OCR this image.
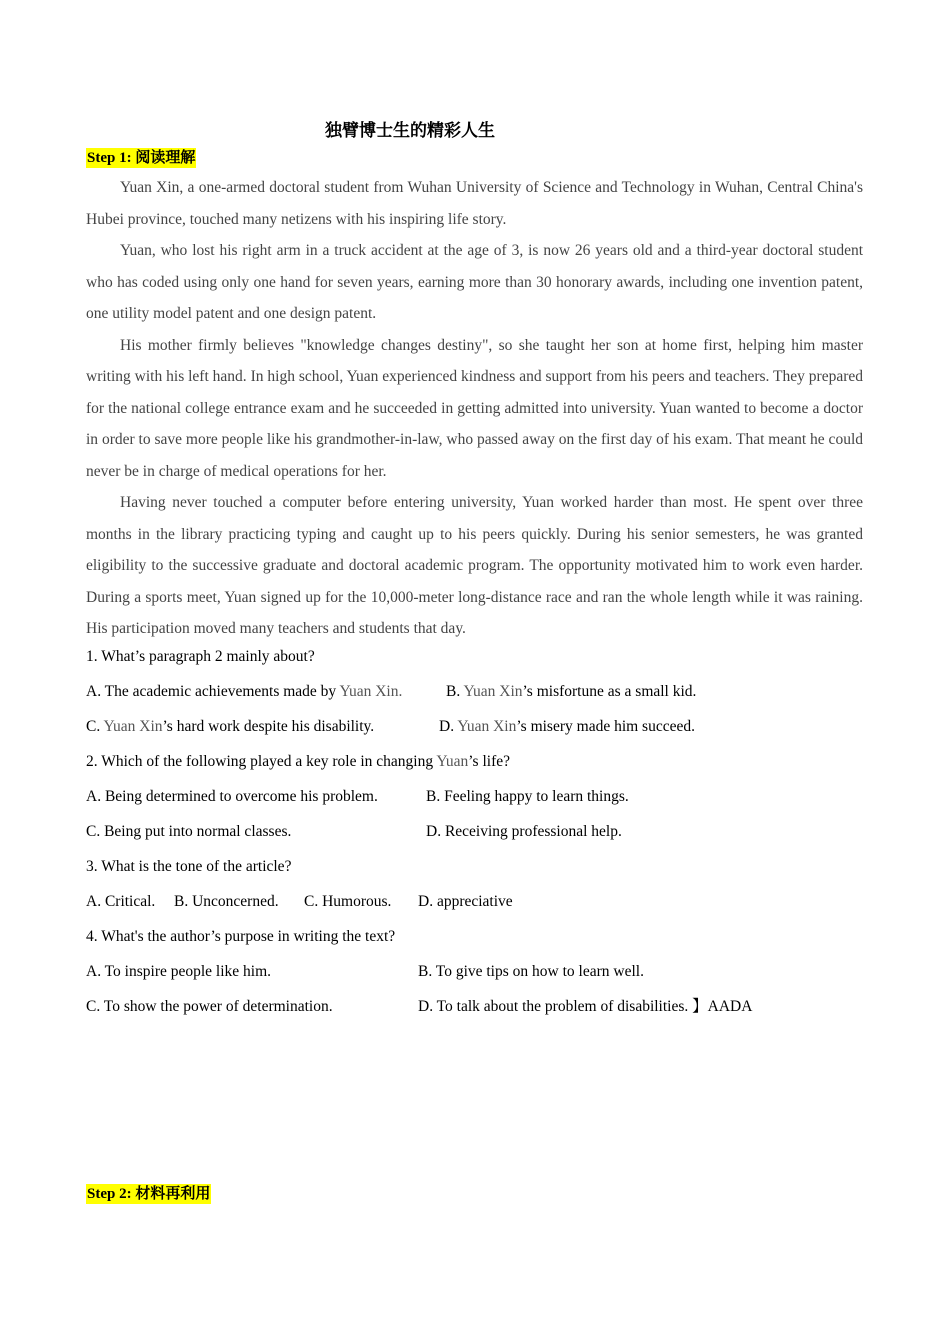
独臂博士生的精彩人生
Step 1: 阅读理解

Yuan Xin, a one-armed doctoral student from Wuhan University of Science and Technology in Wuhan, Central China's Hubei province, touched many netizens with his inspiring life story.

Yuan, who lost his right arm in a truck accident at the age of 3, is now 26 years old and a third-year doctoral student who has coded using only one hand for seven years, earning more than 30 honorary awards, including one invention patent, one utility model patent and one design patent.

His mother firmly believes "knowledge changes destiny", so she taught her son at home first, helping him master writing with his left hand. In high school, Yuan experienced kindness and support from his peers and teachers. They prepared for the national college entrance exam and he succeeded in getting admitted into university. Yuan wanted to become a doctor in order to save more people like his grandmother-in-law, who passed away on the first day of his exam. That meant he could never be in charge of medical operations for her.

Having never touched a computer before entering university, Yuan worked harder than most. He spent over three months in the library practicing typing and caught up to his peers quickly. During his senior semesters, he was granted eligibility to the successive graduate and doctoral academic program. The opportunity motivated him to work even harder. During a sports meet, Yuan signed up for the 10,000-meter long-distance race and ran the whole length while it was raining. His participation moved many teachers and students that day.

1. What’s paragraph 2 mainly about?
A. The academic achievements made by Yuan Xin.	B. Yuan Xin’s misfortune as a small kid.
C. Yuan Xin’s hard work despite his disability.	D. Yuan Xin’s misery made him succeed.
2. Which of the following played a key role in changing Yuan’s life?
A. Being determined to overcome his problem.	B. Feeling happy to learn things.
C. Being put into normal classes.	D. Receiving professional help.
3. What is the tone of the article?
A. Critical. B. Unconcerned. C. Humorous. D. appreciative
4. What's the author’s purpose in writing the text?
A. To inspire people like him.	B. To give tips on how to learn well.
C. To show the power of determination.	D. To talk about the problem of disabilities. 】AADA
Step 2: 材料再利用
